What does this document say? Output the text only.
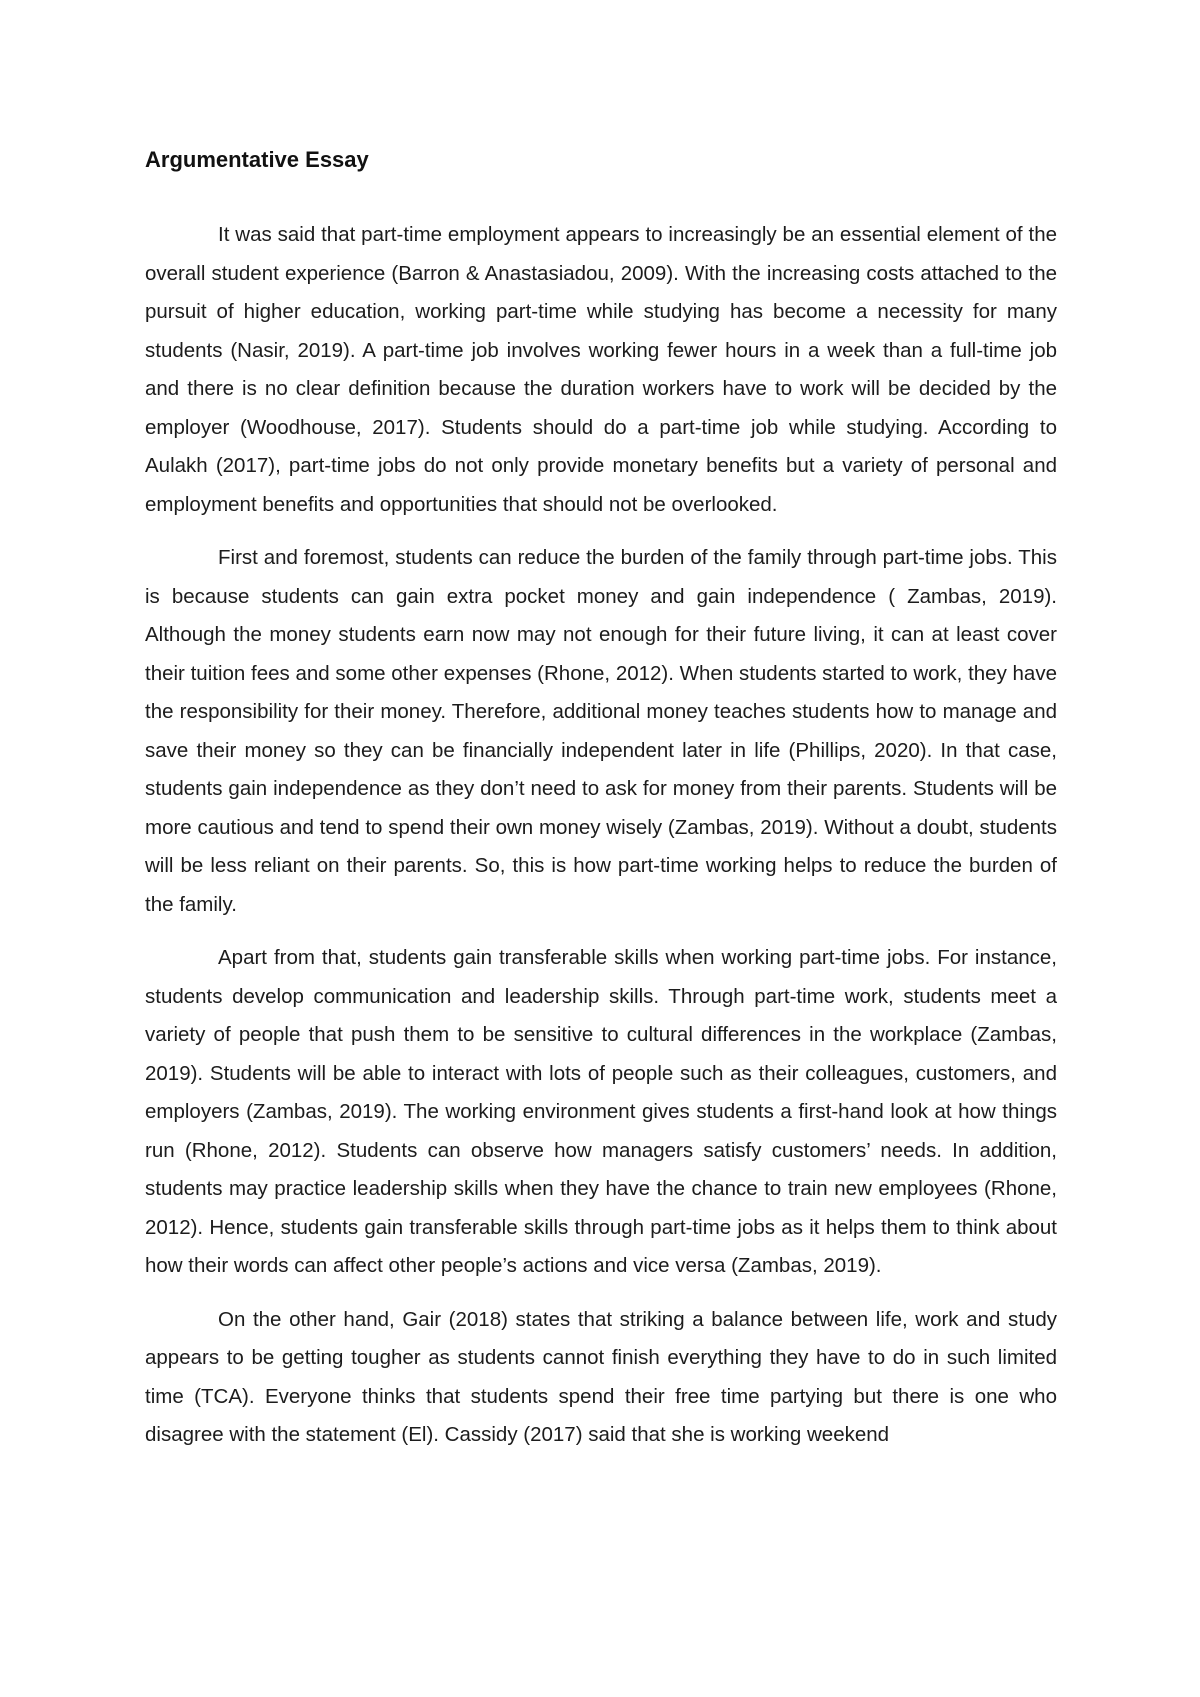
Argumentative Essay

It was said that part-time employment appears to increasingly be an essential element of the overall student experience (Barron & Anastasiadou, 2009). With the increasing costs attached to the pursuit of higher education, working part-time while studying has become a necessity for many students (Nasir, 2019). A part-time job involves working fewer hours in a week than a full-time job and there is no clear definition because the duration workers have to work will be decided by the employer (Woodhouse, 2017). Students should do a part-time job while studying. According to Aulakh (2017), part-time jobs do not only provide monetary benefits but a variety of personal and employment benefits and opportunities that should not be overlooked.

First and foremost, students can reduce the burden of the family through part-time jobs. This is because students can gain extra pocket money and gain independence ( Zambas, 2019). Although the money students earn now may not enough for their future living, it can at least cover their tuition fees and some other expenses (Rhone, 2012). When students started to work, they have the responsibility for their money. Therefore, additional money teaches students how to manage and save their money so they can be financially independent later in life (Phillips, 2020). In that case, students gain independence as they don’t need to ask for money from their parents. Students will be more cautious and tend to spend their own money wisely (Zambas, 2019). Without a doubt, students will be less reliant on their parents. So, this is how part-time working helps to reduce the burden of the family.

Apart from that, students gain transferable skills when working part-time jobs. For instance, students develop communication and leadership skills. Through part-time work, students meet a variety of people that push them to be sensitive to cultural differences in the workplace (Zambas, 2019). Students will be able to interact with lots of people such as their colleagues, customers, and employers (Zambas, 2019). The working environment gives students a first-hand look at how things run (Rhone, 2012). Students can observe how managers satisfy customers’ needs. In addition, students may practice leadership skills when they have the chance to train new employees (Rhone, 2012). Hence, students gain transferable skills through part-time jobs as it helps them to think about how their words can affect other people’s actions and vice versa (Zambas, 2019).

On the other hand, Gair (2018) states that striking a balance between life, work and study appears to be getting tougher as students cannot finish everything they have to do in such limited time (TCA). Everyone thinks that students spend their free time partying but there is one who disagree with the statement (El). Cassidy (2017) said that she is working weekend
